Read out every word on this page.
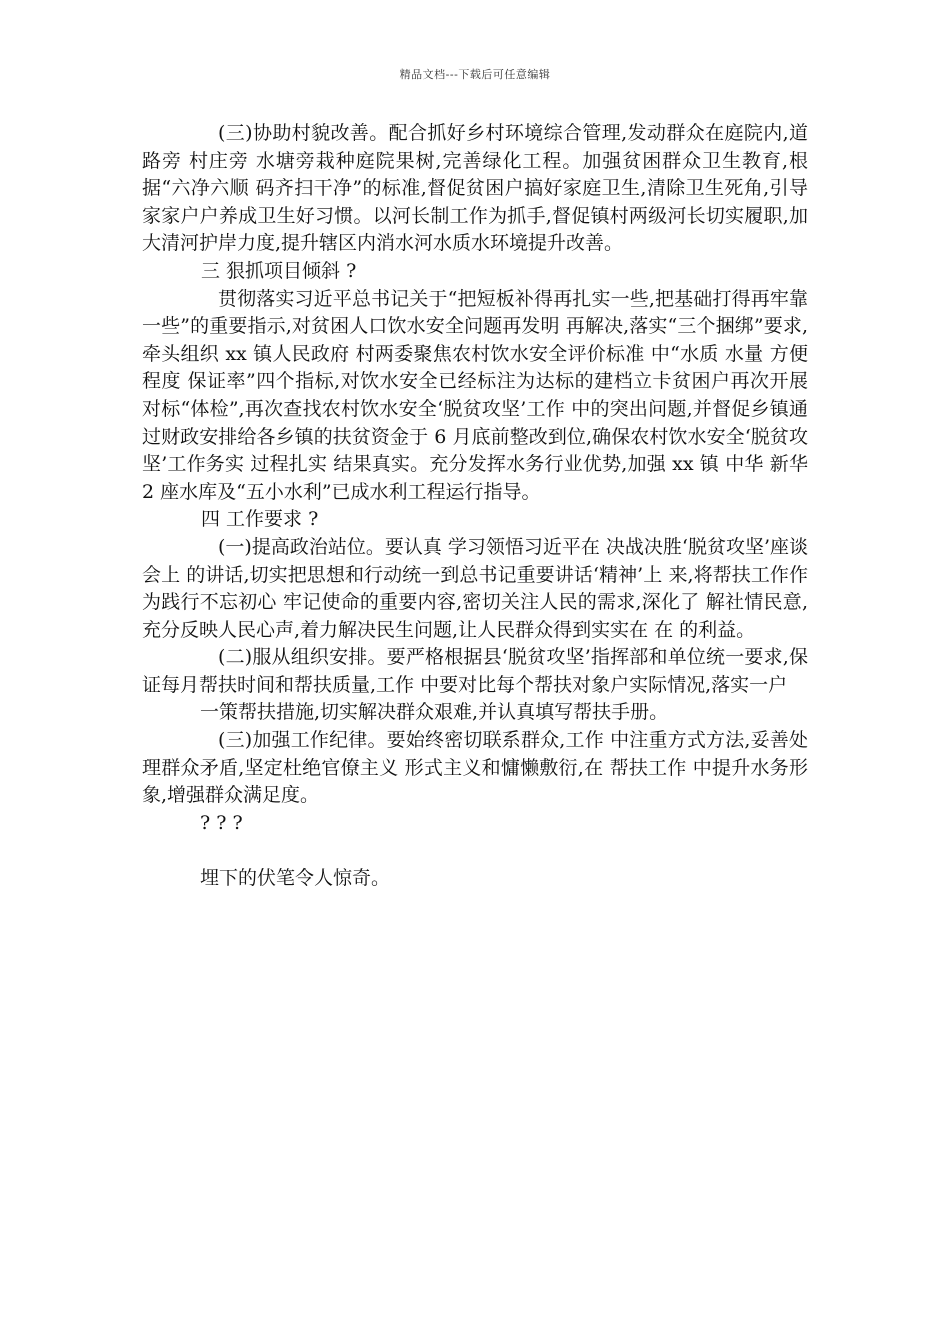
精品文档---下载后可任意编辑

(三)协助村貌改善。配合抓好乡村环境综合管理,发动群众在庭院内,道路旁 村庄旁 水塘旁栽种庭院果树,完善绿化工程。加强贫困群众卫生教育,根据“六净六顺 码齐扫干净”的标准,督促贫困户搞好家庭卫生,清除卫生死角,引导家家户户养成卫生好习惯。以河长制工作为抓手,督促镇村两级河长切实履职,加大清河护岸力度,提升辖区内消水河水质水环境提升改善。

三 狠抓项目倾斜 ?

贯彻落实习近平总书记关于“把短板补得再扎实一些,把基础打得再牢靠一些”的重要指示,对贫困人口饮水安全问题再发明 再解决,落实“三个捆绑”要求,牵头组织 xx 镇人民政府 村两委聚焦农村饮水安全评价标准 中“水质 水量 方便程度 保证率”四个指标,对饮水安全已经标注为达标的建档立卡贫困户再次开展对标“体检”,再次查找农村饮水安全‘脱贫攻坚’工作 中的突出问题,并督促乡镇通过财政安排给各乡镇的扶贫资金于 6 月底前整改到位,确保农村饮水安全‘脱贫攻坚’工作务实 过程扎实 结果真实。充分发挥水务行业优势,加强 xx 镇 中华 新华 2 座水库及“五小水利”已成水利工程运行指导。

四 工作要求 ?

(一)提高政治站位。要认真 学习领悟习近平在 决战决胜‘脱贫攻坚’座谈会上 的讲话,切实把思想和行动统一到总书记重要讲话‘精神’上 来,将帮扶工作作为践行不忘初心 牢记使命的重要内容,密切关注人民的需求,深化了 解社情民意,充分反映人民心声,着力解决民生问题,让人民群众得到实实在 在 的利益。

(二)服从组织安排。要严格根据县‘脱贫攻坚’指挥部和单位统一要求,保证每月帮扶时间和帮扶质量,工作 中要对比每个帮扶对象户实际情况,落实一户

一策帮扶措施,切实解决群众艰难,并认真填写帮扶手册。

(三)加强工作纪律。要始终密切联系群众,工作 中注重方式方法,妥善处理群众矛盾,坚定杜绝官僚主义 形式主义和慵懒敷衍,在 帮扶工作 中提升水务形象,增强群众满足度。

? ? ?

埋下的伏笔令人惊奇。
